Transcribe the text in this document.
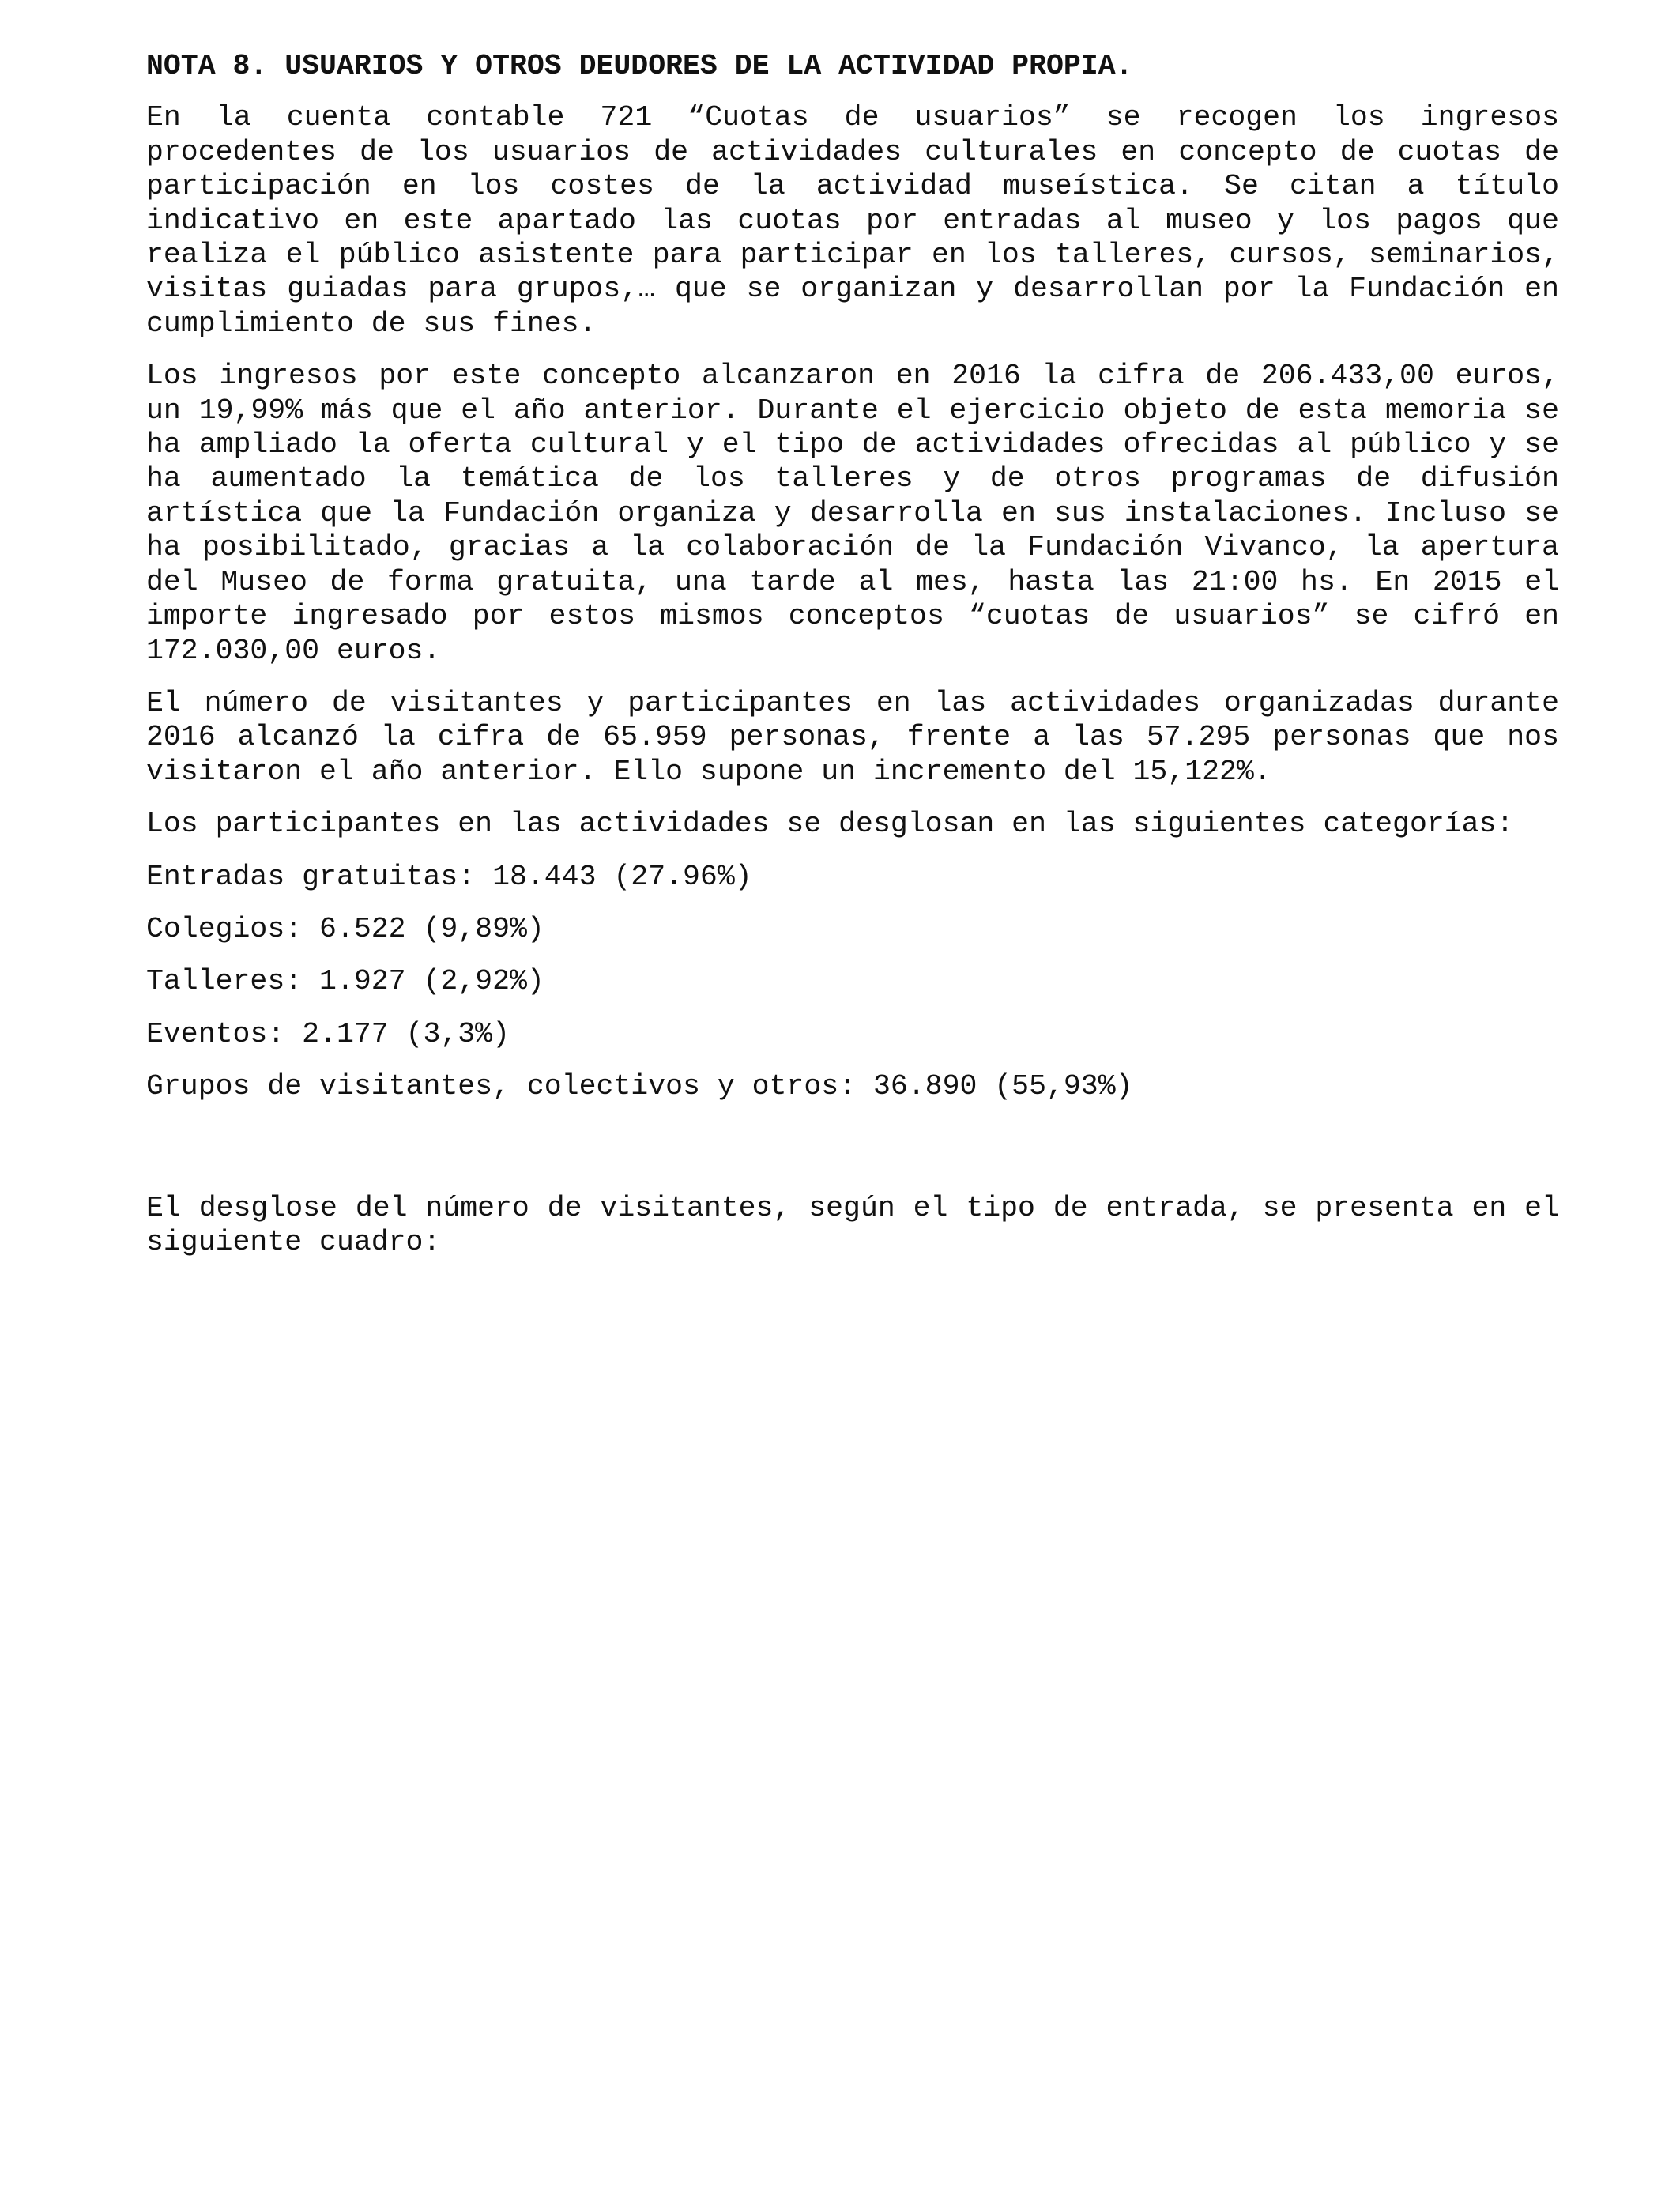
NOTA 8. USUARIOS Y OTROS DEUDORES DE LA ACTIVIDAD PROPIA.

En la cuenta contable 721 “Cuotas de usuarios” se recogen los ingresos procedentes de los usuarios de actividades culturales en concepto de cuotas de participación en los costes de la actividad museística. Se citan a título indicativo en este apartado las cuotas por entradas al museo y los pagos que realiza el público asistente para participar en los talleres, cursos, seminarios, visitas guiadas para grupos,… que se organizan y desarrollan por la Fundación en cumplimiento de sus fines.

Los ingresos por este concepto alcanzaron en 2016 la cifra de 206.433,00 euros, un 19,99% más que el año anterior. Durante el ejercicio objeto de esta memoria se ha ampliado la oferta cultural y el tipo de actividades ofrecidas al público y se ha aumentado la temática de los talleres y de otros programas de difusión artística que la Fundación organiza y desarrolla en sus instalaciones. Incluso se ha posibilitado, gracias a la colaboración de la Fundación Vivanco, la apertura del Museo de forma gratuita, una tarde al mes, hasta las 21:00 hs. En 2015 el importe ingresado por estos mismos conceptos “cuotas de usuarios” se cifró en 172.030,00 euros.

El número de visitantes y participantes en las actividades organizadas durante 2016 alcanzó la cifra de 65.959 personas, frente a las 57.295 personas que nos visitaron el año anterior. Ello supone un incremento del 15,122%.

Los participantes en las actividades se desglosan en las siguientes categorías:

Entradas gratuitas: 18.443 (27.96%)
Colegios: 6.522 (9,89%)
Talleres: 1.927 (2,92%)
Eventos: 2.177 (3,3%)
Grupos de visitantes, colectivos y otros: 36.890 (55,93%)

El desglose del número de visitantes, según el tipo de entrada, se presenta en el siguiente cuadro:
